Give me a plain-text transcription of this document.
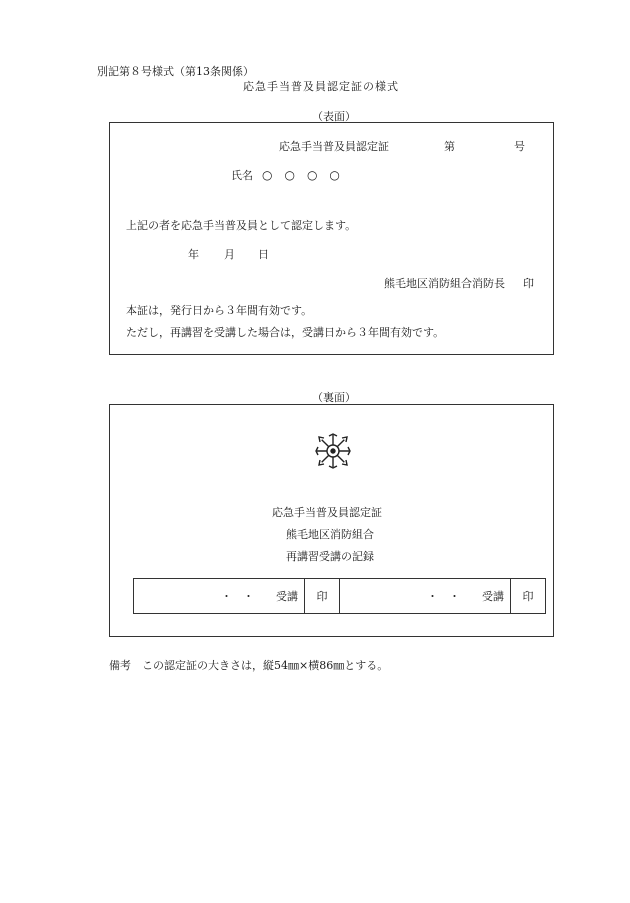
別記第８号様式（第13条関係）
応急手当普及員認定証の様式
（表面）
応急手当普及員認定証	第	号
氏名 ○　○　○　○
上記の者を応急手当普及員として認定します。
年 月 日
熊毛地区消防組合消防長 印
本証は，発行日から３年間有効です。
ただし，再講習を受講した場合は，受講日から３年間有効です。
（裏面）
応急手当普及員認定証
熊毛地区消防組合
再講習受講の記録
・　・ 受講	印	・　・ 受講	印
備考　この認定証の大きさは，縦54㎜×横86㎜とする。
